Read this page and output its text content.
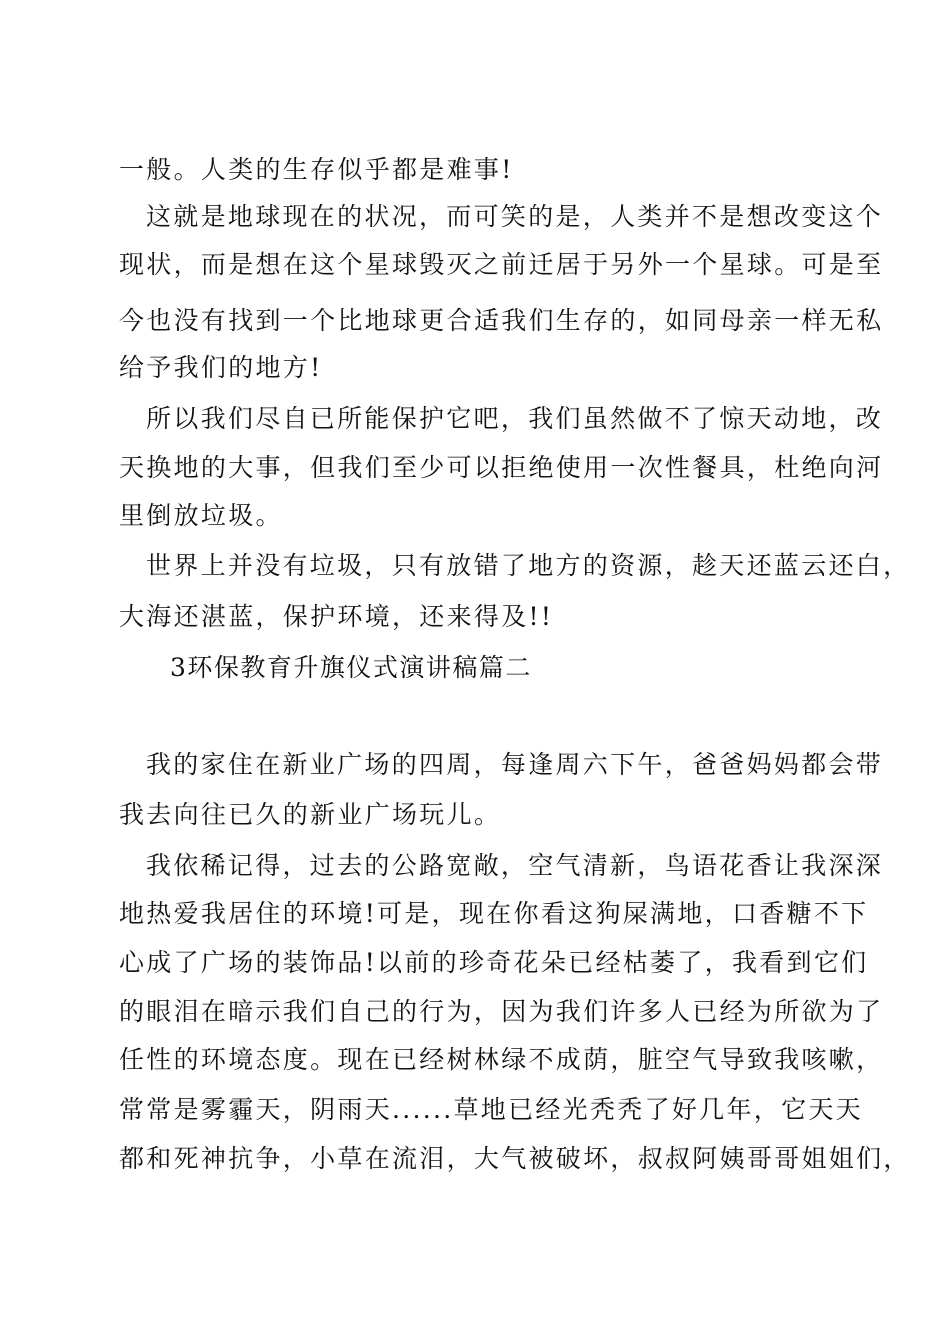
一般。人类的生存似乎都是难事!
这就是地球现在的状况，而可笑的是，人类并不是想改变这个
现状，而是想在这个星球毁灭之前迁居于另外一个星球。可是至
今也没有找到一个比地球更合适我们生存的，如同母亲一样无私
给予我们的地方!
所以我们尽自已所能保护它吧，我们虽然做不了惊天动地，改
天换地的大事，但我们至少可以拒绝使用一次性餐具，杜绝向河
里倒放垃圾。
世界上并没有垃圾，只有放错了地方的资源，趁天还蓝云还白，
大海还湛蓝，保护环境，还来得及!!
3环保教育升旗仪式演讲稿篇二
我的家住在新业广场的四周，每逢周六下午，爸爸妈妈都会带
我去向往已久的新业广场玩儿。
我依稀记得，过去的公路宽敞，空气清新，鸟语花香让我深深
地热爱我居住的环境!可是，现在你看这狗屎满地，口香糖不下
心成了广场的装饰品!以前的珍奇花朵已经枯萎了，我看到它们
的眼泪在暗示我们自己的行为，因为我们许多人已经为所欲为了
任性的环境态度。现在已经树林绿不成荫，脏空气导致我咳嗽，
常常是雾霾天，阴雨天......草地已经光秃秃了好几年，它天天
都和死神抗争，小草在流泪，大气被破坏，叔叔阿姨哥哥姐姐们，
